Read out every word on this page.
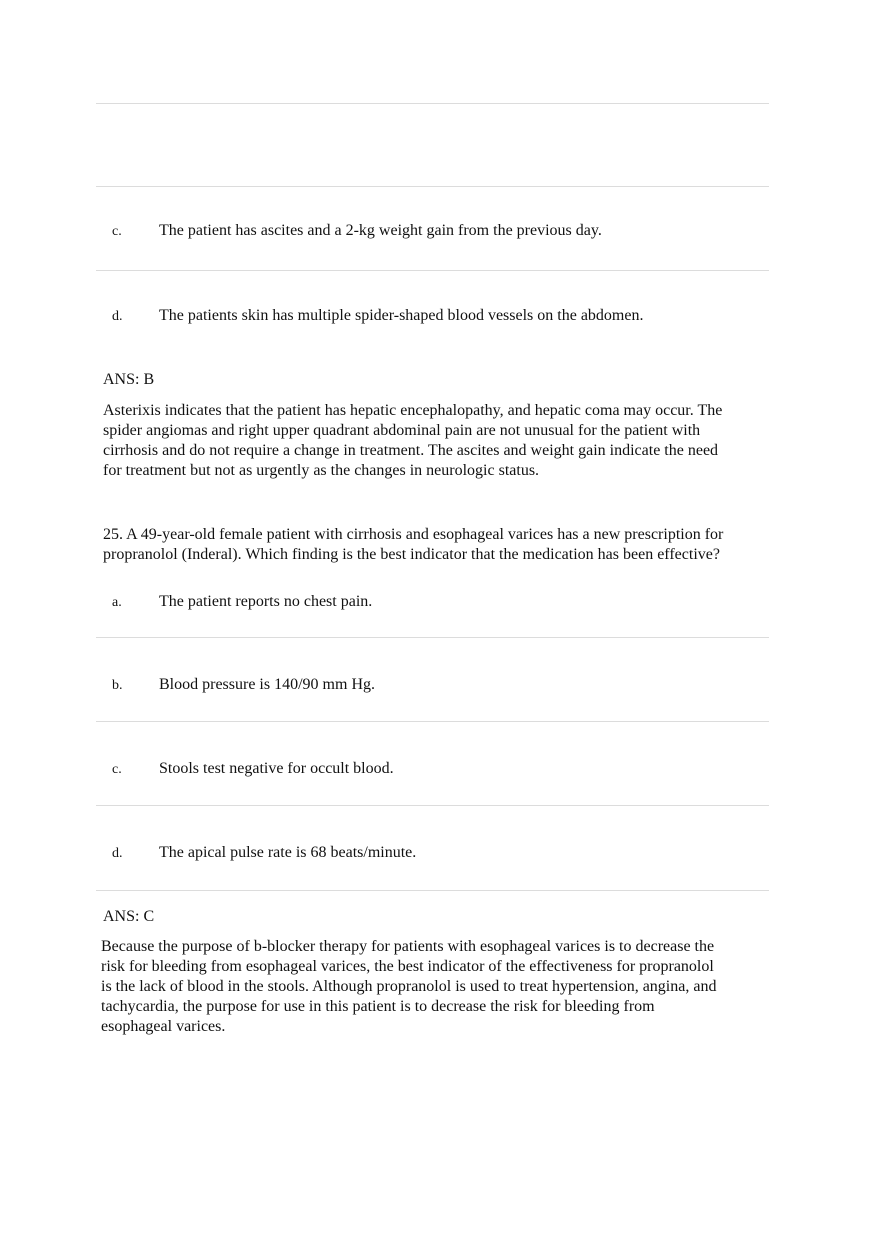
c. The patient has ascites and a 2-kg weight gain from the previous day.
d. The patients skin has multiple spider-shaped blood vessels on the abdomen.
ANS: B

Asterixis indicates that the patient has hepatic encephalopathy, and hepatic coma may occur. The
spider angiomas and right upper quadrant abdominal pain are not unusual for the patient with
cirrhosis and do not require a change in treatment. The ascites and weight gain indicate the need
for treatment but not as urgently as the changes in neurologic status.

25. A 49-year-old female patient with cirrhosis and esophageal varices has a new prescription for
propranolol (Inderal). Which finding is the best indicator that the medication has been effective?

a. The patient reports no chest pain.
b. Blood pressure is 140/90 mm Hg.
c. Stools test negative for occult blood.
d. The apical pulse rate is 68 beats/minute.
ANS: C

Because the purpose of b-blocker therapy for patients with esophageal varices is to decrease the
risk for bleeding from esophageal varices, the best indicator of the effectiveness for propranolol
is the lack of blood in the stools. Although propranolol is used to treat hypertension, angina, and
tachycardia, the purpose for use in this patient is to decrease the risk for bleeding from
esophageal varices.
